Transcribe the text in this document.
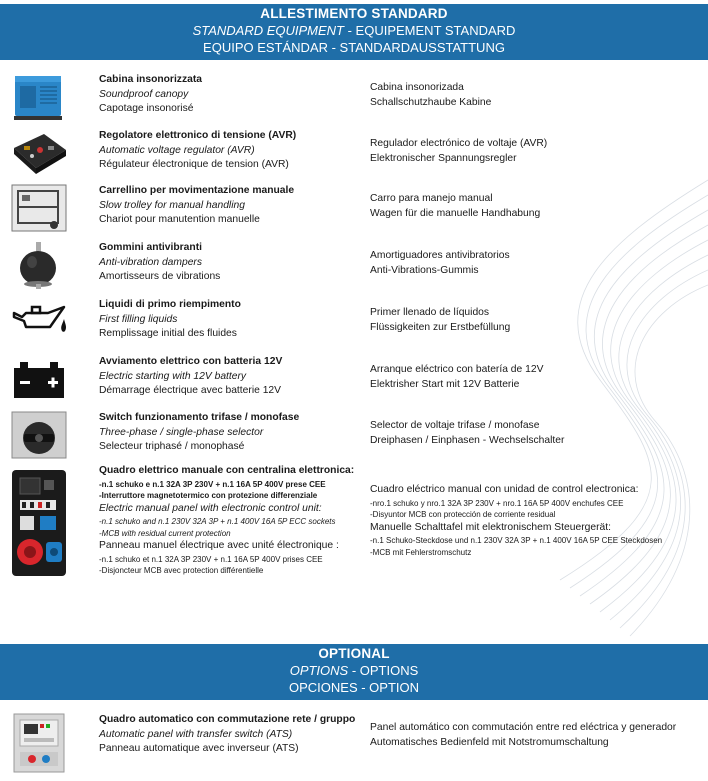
ALLESTIMENTO STANDARD
STANDARD EQUIPMENT - EQUIPEMENT STANDARD
EQUIPO ESTÁNDAR - STANDARDAUSSTATTUNG
Cabina insonorizzata
Soundproof canopy
Capotage insonorisé
Cabina insonorizada
Schallschutzhaube Kabine
Regolatore elettronico di tensione (AVR)
Automatic voltage regulator (AVR)
Régulateur électronique de tension (AVR)
Regulador electrónico de voltaje (AVR)
Elektronischer Spannungsregler
Carrellino per movimentazione manuale
Slow trolley for manual handling
Chariot pour manutention manuelle
Carro para manejo manual
Wagen für die manuelle Handhabung
Gommini antivibranti
Anti-vibration dampers
Amortisseurs de vibrations
Amortiguadores antivibratorios
Anti-Vibrations-Gummis
Liquidi di primo riempimento
First filling liquids
Remplissage initial des fluides
Primer llenado de líquidos
Flüssigkeiten zur Erstbefüllung
Avviamento elettrico con batteria 12V
Electric starting with 12V battery
Démarrage électrique avec batterie 12V
Arranque eléctrico con batería de 12V
Elektrisher Start mit 12V Batterie
Switch funzionamento trifase / monofase
Three-phase / single-phase selector
Selecteur triphasé / monophasé
Selector de voltaje trifase / monofase
Dreiphasen / Einphasen - Wechselschalter
Quadro elettrico manuale con centralina elettronica:
-n.1 schuko e n.1 32A 3P 230V + n.1 16A 5P 400V prese CEE
-Interruttore magnetotermico con protezione differenziale
Electric manual panel with electronic control unit:
-n.1 schuko and n.1 230V 32A 3P + n.1 400V 16A 5P ECC sockets
-MCB with residual current protection
Panneau manuel électrique avec unité électronique :
-n.1 schuko et n.1 32A 3P 230V + n.1 16A 5P 400V prises CEE
-Disjoncteur MCB avec protection différentielle
Cuadro eléctrico manual con unidad de control electronica:
-nro.1 schuko y nro.1 32A 3P 230V + nro.1 16A 5P 400V enchufes CEE
-Disyuntor MCB con protección de corriente residual
Manuelle Schalttafel mit elektronischem Steuergerät:
-n.1 Schuko-Steckdose und n.1 230V 32A 3P + n.1 400V 16A 5P CEE Steckdosen
-MCB mit Fehlerstromschutz
OPTIONAL
OPTIONS - OPTIONS
OPCIONES - OPTION
Quadro automatico con commutazione rete / gruppo
Automatic panel with transfer switch (ATS)
Panneau automatique avec inverseur (ATS)
Panel automático con commutación entre red eléctrica y generador
Automatisches Bedienfeld mit Notstromumschaltung
